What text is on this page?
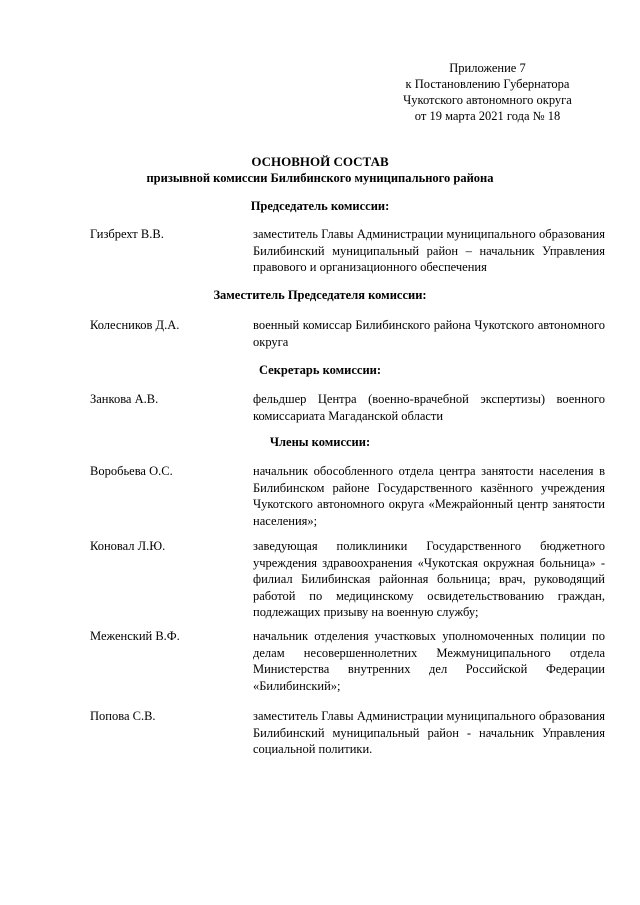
Приложение 7
к Постановлению Губернатора
Чукотского автономного округа
от 19 марта 2021 года № 18
ОСНОВНОЙ СОСТАВ
призывной комиссии Билибинского муниципального района
Председатель комиссии:
Гизбрехт В.В.	заместитель Главы Администрации муниципального образования Билибинский муниципальный район – начальник Управления правового и организационного обеспечения
Заместитель Председателя комиссии:
Колесников Д.А.	военный комиссар Билибинского района Чукотского автономного округа
Секретарь комиссии:
Занкова А.В.	фельдшер Центра (военно-врачебной экспертизы) военного комиссариата Магаданской области
Члены комиссии:
Воробьева О.С.	начальник обособленного отдела центра занятости населения в Билибинском районе Государственного казённого учреждения Чукотского автономного округа «Межрайонный центр занятости населения»;
Коновал Л.Ю.	заведующая поликлиники Государственного бюджетного учреждения здравоохранения «Чукотская окружная больница» - филиал Билибинская районная больница; врач, руководящий работой по медицинскому освидетельствованию граждан, подлежащих призыву на военную службу;
Меженский В.Ф.	начальник отделения участковых уполномоченных полиции по делам несовершеннолетних Межмуниципального отдела Министерства внутренних дел Российской Федерации «Билибинский»;
Попова С.В.	заместитель Главы Администрации муниципального образования Билибинский муниципальный район - начальник Управления социальной политики.
